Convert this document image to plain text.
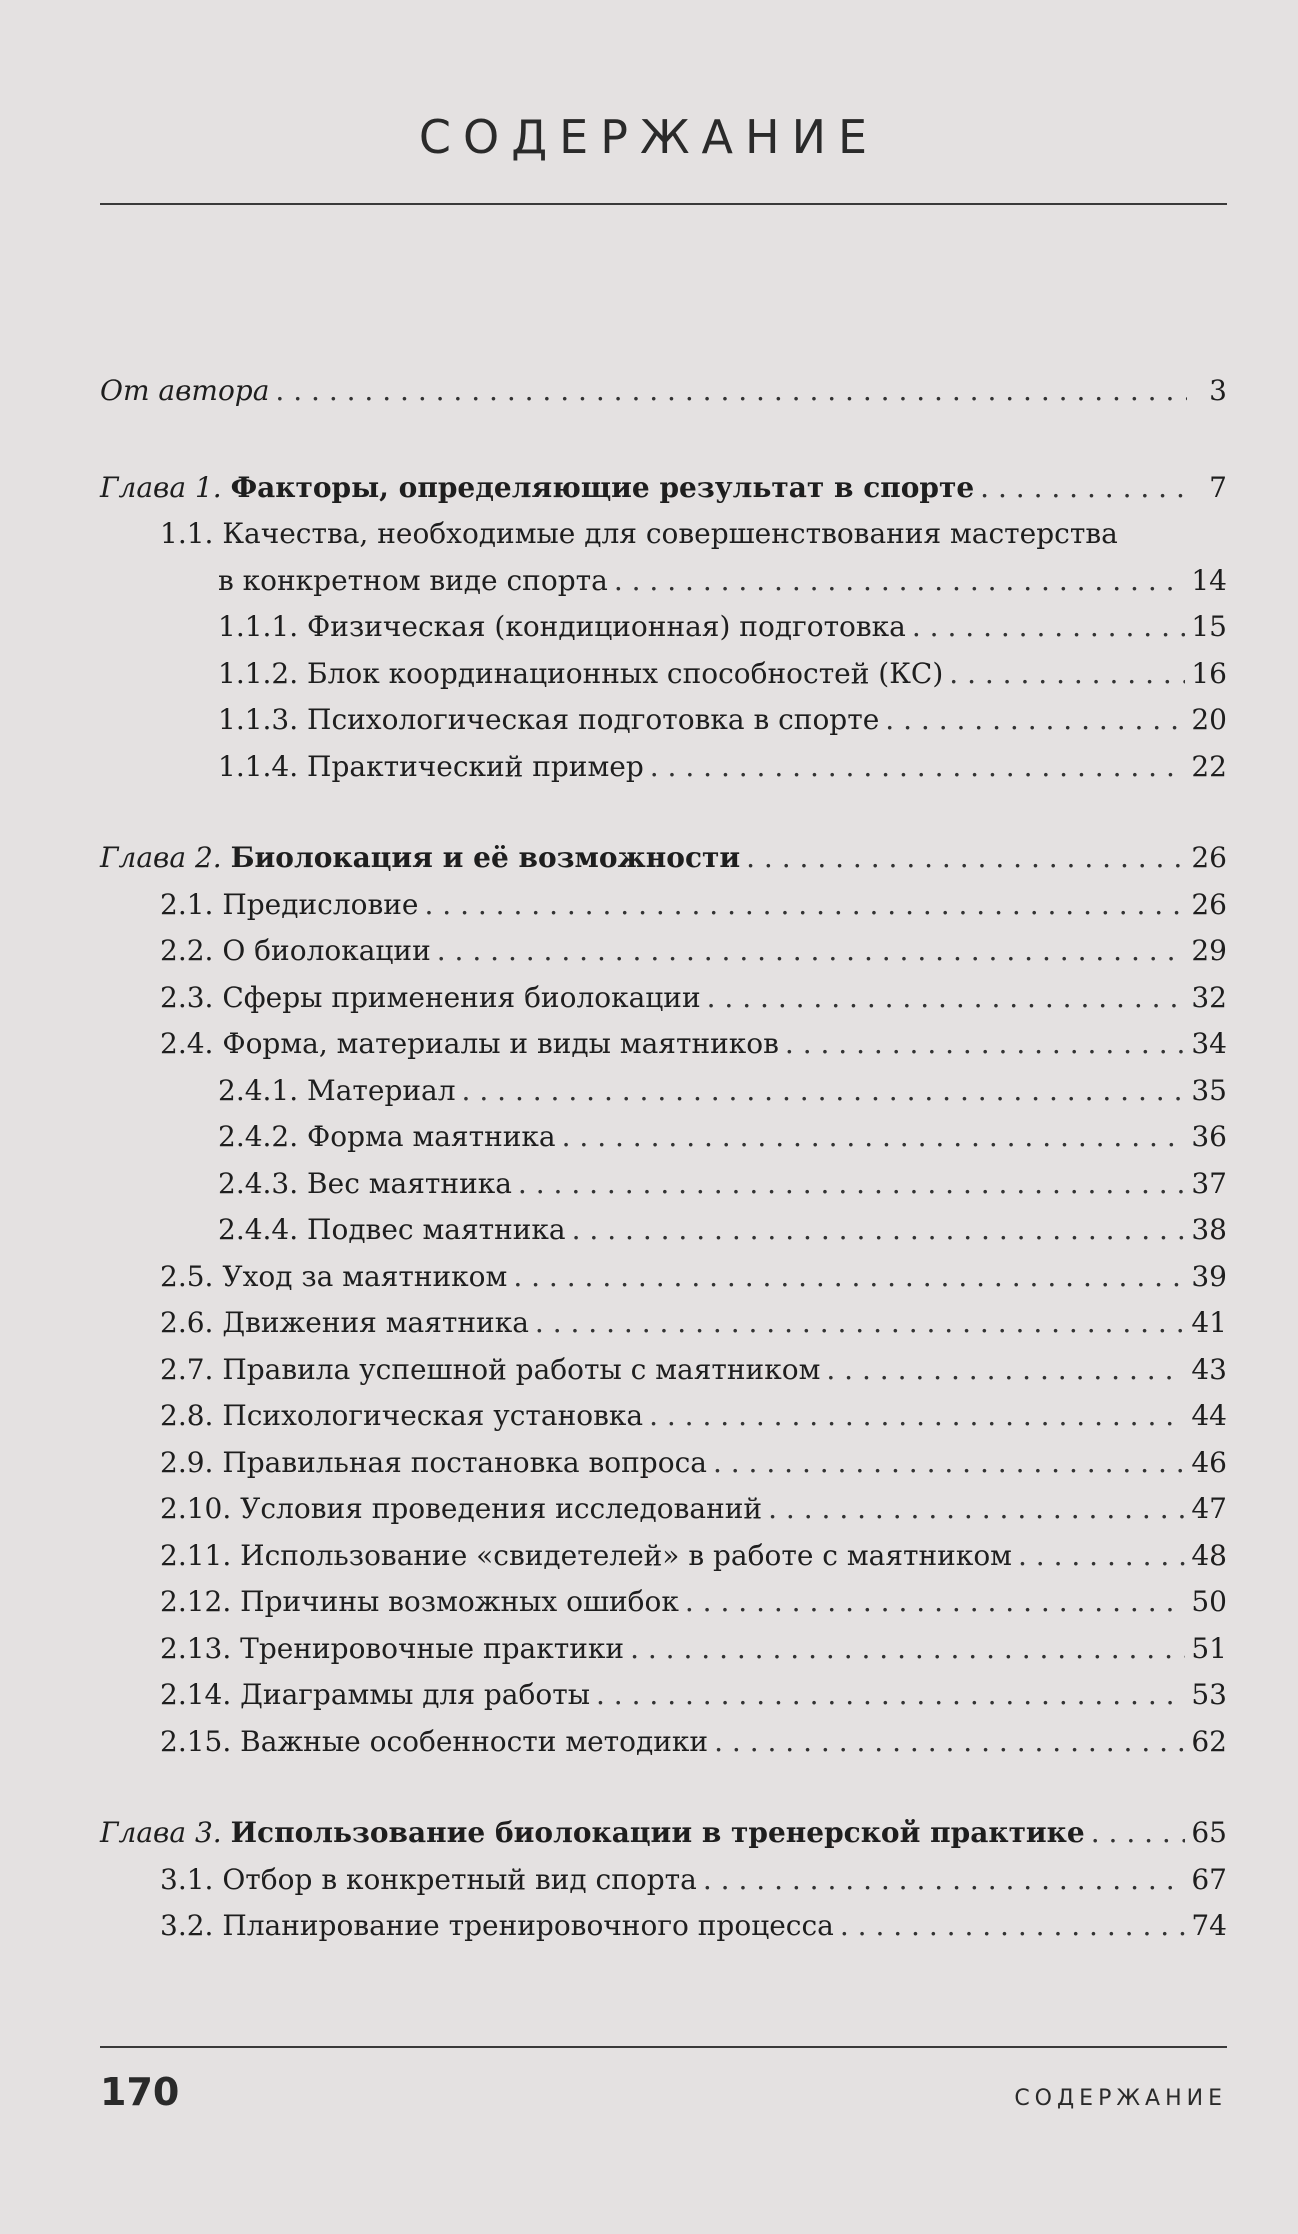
СОДЕРЖАНИЕ
От автора . . .	3
Глава 1. Факторы, определяющие результат в спорте . . .	7
1.1. Качества, необходимые для совершенствования мастерства
в конкретном виде спорта . . .	14
1.1.1. Физическая (кондиционная) подготовка . . .	15
1.1.2. Блок координационных способностей (КС) . . .	16
1.1.3. Психологическая подготовка в спорте . . .	20
1.1.4. Практический пример . . .	22
Глава 2. Биолокация и её возможности . . .	26
2.1. Предисловие . . .	26
2.2. О биолокации . . .	29
2.3. Сферы применения биолокации . . .	32
2.4. Форма, материалы и виды маятников . . .	34
2.4.1. Материал . . .	35
2.4.2. Форма маятника . . .	36
2.4.3. Вес маятника . . .	37
2.4.4. Подвес маятника . . .	38
2.5. Уход за маятником . . .	39
2.6. Движения маятника . . .	41
2.7. Правила успешной работы с маятником . . .	43
2.8. Психологическая установка . . .	44
2.9. Правильная постановка вопроса . . .	46
2.10. Условия проведения исследований . . .	47
2.11. Использование «свидетелей» в работе с маятником . . .	48
2.12. Причины возможных ошибок . . .	50
2.13. Тренировочные практики . . .	51
2.14. Диаграммы для работы . . .	53
2.15. Важные особенности методики . . .	62
Глава 3. Использование биолокации в тренерской практике . . .	65
3.1. Отбор в конкретный вид спорта . . .	67
3.2. Планирование тренировочного процесса . . .	74
170	СОДЕРЖАНИЕ
